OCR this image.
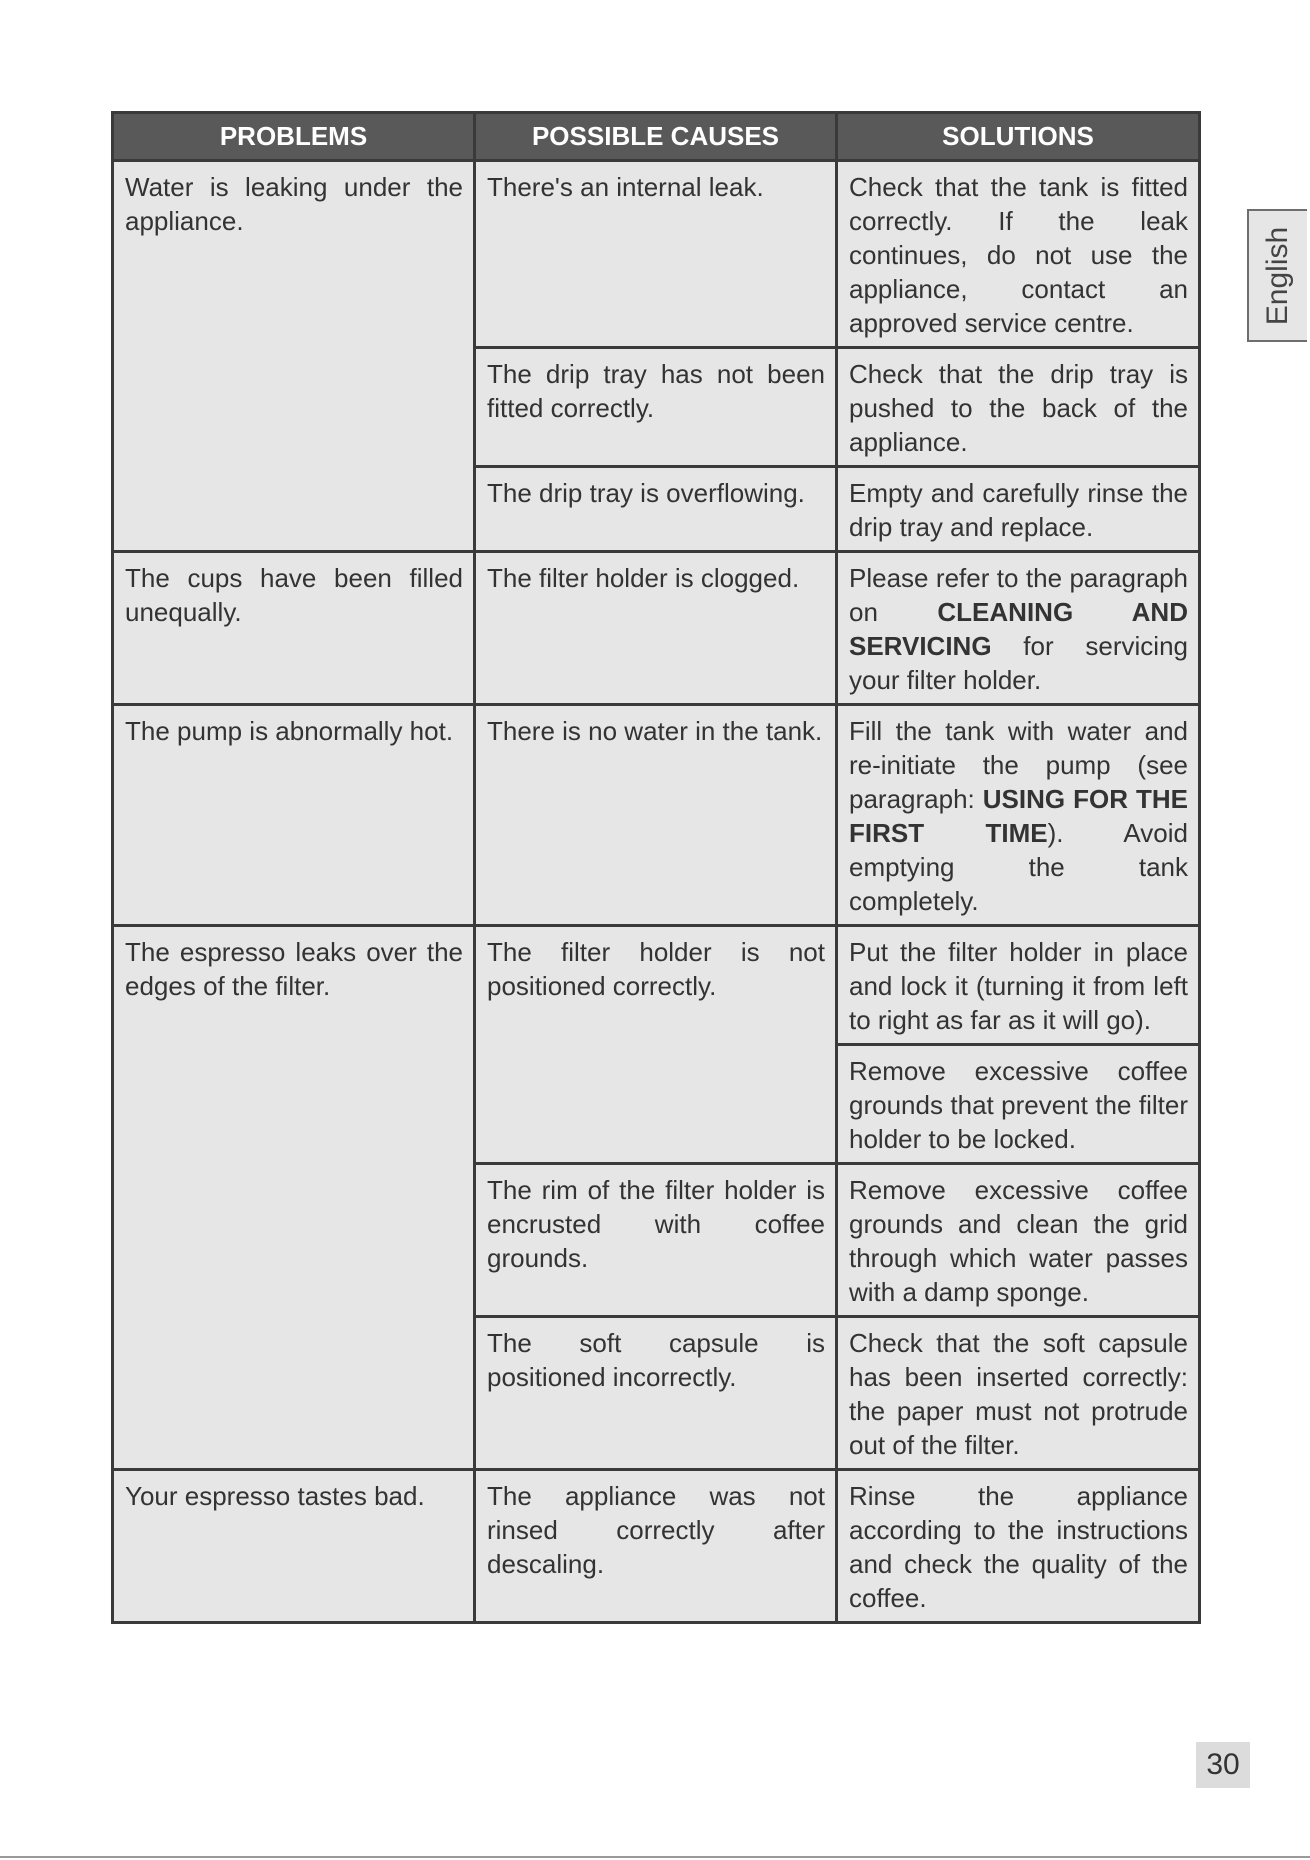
English
PROBLEMS	POSSIBLE CAUSES	SOLUTIONS
Water is leaking under the appliance.	There's an internal leak.	Check that the tank is fitted correctly. If the leak continues, do not use the appliance, contact an approved service centre.
	The drip tray has not been fitted correctly.	Check that the drip tray is pushed to the back of the appliance.
	The drip tray is overflowing.	Empty and carefully rinse the drip tray and replace.
The cups have been filled unequally.	The filter holder is clogged.	Please refer to the paragraph on CLEANING AND SERVICING for servicing your filter holder.
The pump is abnormally hot.	There is no water in the tank.	Fill the tank with water and re-initiate the pump (see paragraph: USING FOR THE FIRST TIME). Avoid emptying the tank completely.
The espresso leaks over the edges of the filter.	The filter holder is not positioned correctly.	Put the filter holder in place and lock it (turning it from left to right as far as it will go).
		Remove excessive coffee grounds that prevent the filter holder to be locked.
	The rim of the filter holder is encrusted with coffee grounds.	Remove excessive coffee grounds and clean the grid through which water passes with a damp sponge.
	The soft capsule is positioned incorrectly.	Check that the soft capsule has been inserted correctly: the paper must not protrude out of the filter.
Your espresso tastes bad.	The appliance was not rinsed correctly after descaling.	Rinse the appliance according to the instructions and check the quality of the coffee.
30
